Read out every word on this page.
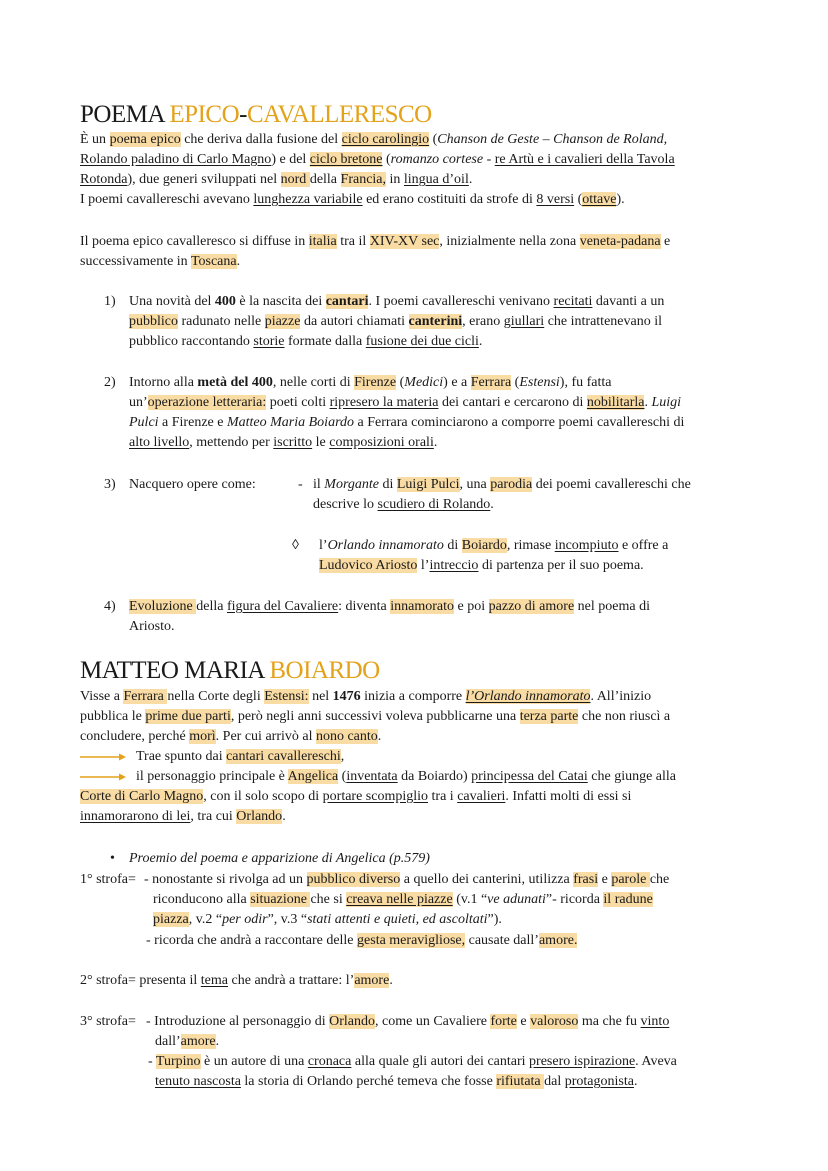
POEMA EPICO-CAVALLERESCO
È un poema epico che deriva dalla fusione del ciclo carolingio (Chanson de Geste – Chanson de Roland,
Rolando paladino di Carlo Magno) e del ciclo bretone (romanzo cortese - re Artù e i cavalieri della Tavola
Rotonda), due generi sviluppati nel nord della Francia, in lingua d’oil.
I poemi cavallereschi avevano lunghezza variabile ed erano costituiti da strofe di 8 versi (ottave).
Il poema epico cavalleresco si diffuse in italia tra il XIV-XV sec, inizialmente nella zona veneta-padana e
successivamente in Toscana.
1) Una novità del 400 è la nascita dei cantari. I poemi cavallereschi venivano recitati davanti a un
pubblico radunato nelle piazze da autori chiamati canterini, erano giullari che intrattenevano il
pubblico raccontando storie formate dalla fusione dei due cicli.
2) Intorno alla metà del 400, nelle corti di Firenze (Medici) e a Ferrara (Estensi), fu fatta
un’operazione letteraria: poeti colti ripresero la materia dei cantari e cercarono di nobilitarla. Luigi
Pulci a Firenze e Matteo Maria Boiardo a Ferrara cominciarono a comporre poemi cavallereschi di
alto livello, mettendo per iscritto le composizioni orali.
3) Nacquero opere come:	- il Morgante di Luigi Pulci, una parodia dei poemi cavallereschi che
descrive lo scudiero di Rolando.
◊ l’Orlando innamorato di Boiardo, rimase incompiuto e offre a
Ludovico Ariosto l’intreccio di partenza per il suo poema.
4) Evoluzione della figura del Cavaliere: diventa innamorato e poi pazzo di amore nel poema di
Ariosto.
MATTEO MARIA BOIARDO
Visse a Ferrara nella Corte degli Estensi: nel 1476 inizia a comporre l’Orlando innamorato. All’inizio
pubblica le prime due parti, però negli anni successivi voleva pubblicarne una terza parte che non riuscì a
concludere, perché morì. Per cui arrivò al nono canto.
Trae spunto dai cantari cavallereschi,
il personaggio principale è Angelica (inventata da Boiardo) principessa del Catai che giunge alla
Corte di Carlo Magno, con il solo scopo di portare scompiglio tra i cavalieri. Infatti molti di essi si
innamorarono di lei, tra cui Orlando.
• Proemio del poema e apparizione di Angelica (p.579)
1° strofa= - nonostante si rivolga ad un pubblico diverso a quello dei canterini, utilizza frasi e parole che
riconducono alla situazione che si creava nelle piazze (v.1 “ve adunati”- ricorda il radune
piazza, v.2 “per odir”, v.3 “stati attenti e quieti, ed ascoltati”).
- ricorda che andrà a raccontare delle gesta meravigliose, causate dall’amore.
2° strofa= presenta il tema che andrà a trattare: l’amore.
3° strofa= - Introduzione al personaggio di Orlando, come un Cavaliere forte e valoroso ma che fu vinto
dall’amore.
- Turpino è un autore di una cronaca alla quale gli autori dei cantari presero ispirazione. Aveva
tenuto nascosta la storia di Orlando perché temeva che fosse rifiutata dal protagonista.
